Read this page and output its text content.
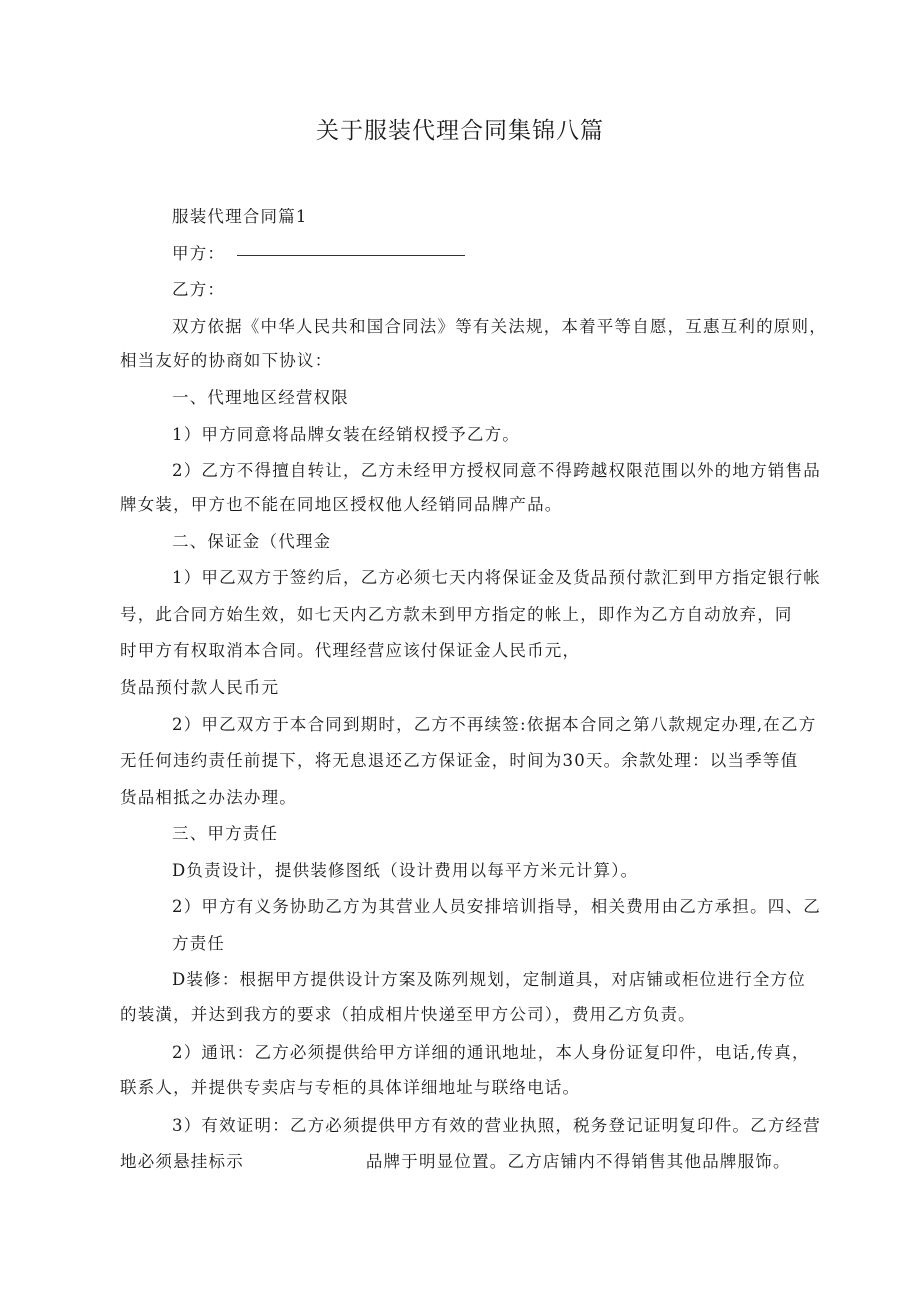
关于服装代理合同集锦八篇

服装代理合同篇1

甲方：

乙方：

双方依据《中华人民共和国合同法》等有关法规，本着平等自愿，互惠互利的原则，

相当友好的协商如下协议：

一、代理地区经营权限

1）甲方同意将品牌女装在经销权授予乙方。

2）乙方不得擅自转让，乙方未经甲方授权同意不得跨越权限范围以外的地方销售品

牌女装，甲方也不能在同地区授权他人经销同品牌产品。

二、保证金（代理金

1）甲乙双方于签约后，乙方必须七天内将保证金及货品预付款汇到甲方指定银行帐

号，此合同方始生效，如七天内乙方款未到甲方指定的帐上，即作为乙方自动放弃，同

时甲方有权取消本合同。代理经营应该付保证金人民币元，

货品预付款人民币元

2）甲乙双方于本合同到期时，乙方不再续签:依据本合同之第八款规定办理,在乙方

无任何违约责任前提下，将无息退还乙方保证金，时间为30天。余款处理：以当季等值

货品相抵之办法办理。

三、甲方责任

D负责设计，提供装修图纸（设计费用以每平方米元计算）。

2）甲方有义务协助乙方为其营业人员安排培训指导，相关费用由乙方承担。四、乙

方责任

D装修：根据甲方提供设计方案及陈列规划，定制道具，对店铺或柜位进行全方位

的装潢，并达到我方的要求（拍成相片快递至甲方公司），费用乙方负责。

2）通讯：乙方必须提供给甲方详细的通讯地址，本人身份证复印件，电话,传真，

联系人，并提供专卖店与专柜的具体详细地址与联络电话。

3）有效证明：乙方必须提供甲方有效的营业执照，税务登记证明复印件。乙方经营

地必须悬挂标示	品牌于明显位置。乙方店铺内不得销售其他品牌服饰。
